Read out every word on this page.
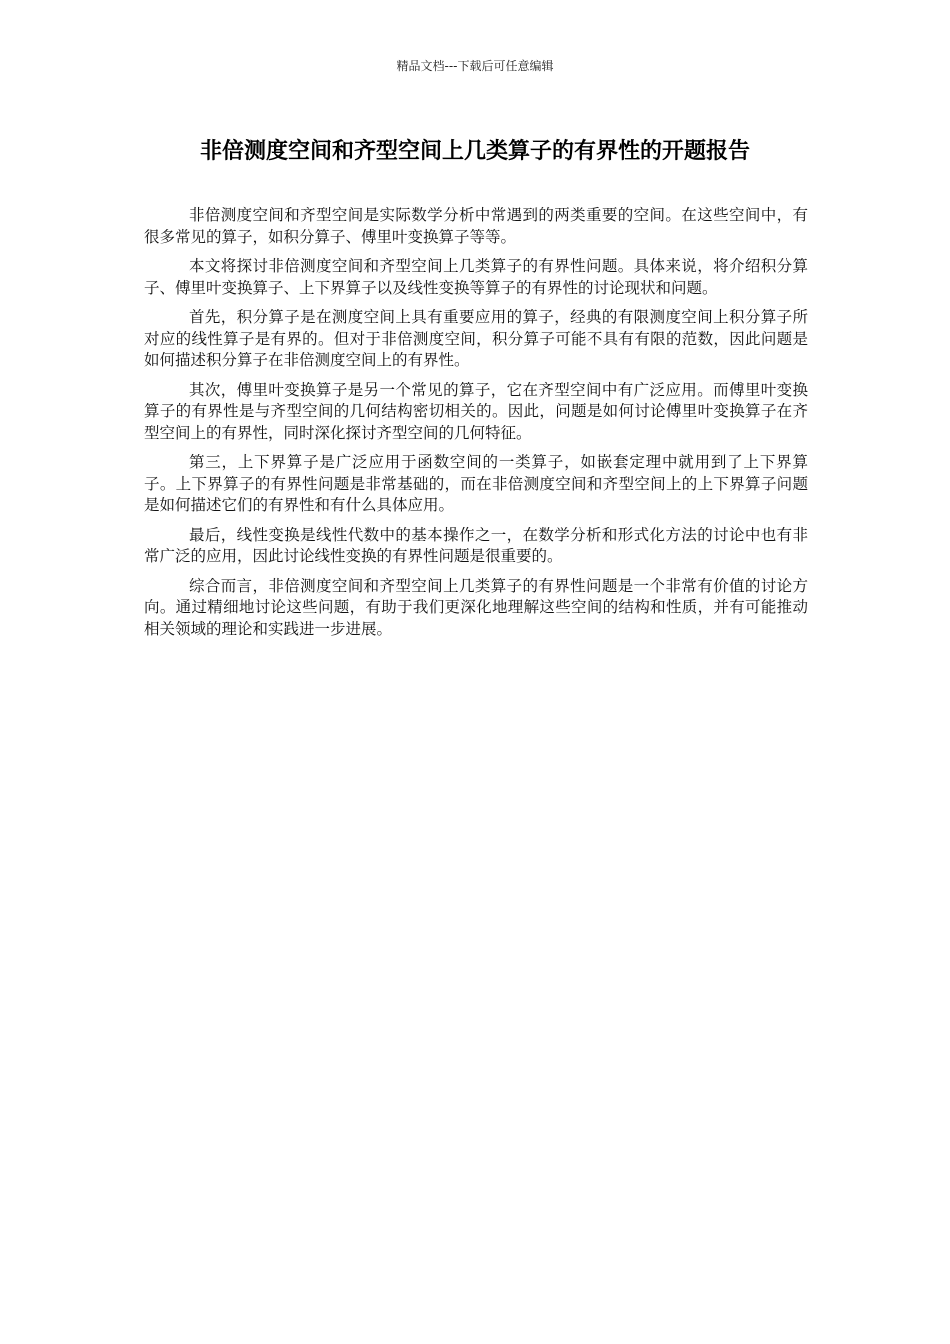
精品文档---下载后可任意编辑
非倍测度空间和齐型空间上几类算子的有界性的开题报告

非倍测度空间和齐型空间是实际数学分析中常遇到的两类重要的空间。在这些空间中，有很多常见的算子，如积分算子、傅里叶变换算子等等。

本文将探讨非倍测度空间和齐型空间上几类算子的有界性问题。具体来说，将介绍积分算子、傅里叶变换算子、上下界算子以及线性变换等算子的有界性的讨论现状和问题。

首先，积分算子是在测度空间上具有重要应用的算子，经典的有限测度空间上积分算子所对应的线性算子是有界的。但对于非倍测度空间，积分算子可能不具有有限的范数，因此问题是如何描述积分算子在非倍测度空间上的有界性。

其次，傅里叶变换算子是另一个常见的算子，它在齐型空间中有广泛应用。而傅里叶变换算子的有界性是与齐型空间的几何结构密切相关的。因此，问题是如何讨论傅里叶变换算子在齐型空间上的有界性，同时深化探讨齐型空间的几何特征。

第三，上下界算子是广泛应用于函数空间的一类算子，如嵌套定理中就用到了上下界算子。上下界算子的有界性问题是非常基础的，而在非倍测度空间和齐型空间上的上下界算子问题是如何描述它们的有界性和有什么具体应用。

最后，线性变换是线性代数中的基本操作之一，在数学分析和形式化方法的讨论中也有非常广泛的应用，因此讨论线性变换的有界性问题是很重要的。

综合而言，非倍测度空间和齐型空间上几类算子的有界性问题是一个非常有价值的讨论方向。通过精细地讨论这些问题，有助于我们更深化地理解这些空间的结构和性质，并有可能推动相关领域的理论和实践进一步进展。
